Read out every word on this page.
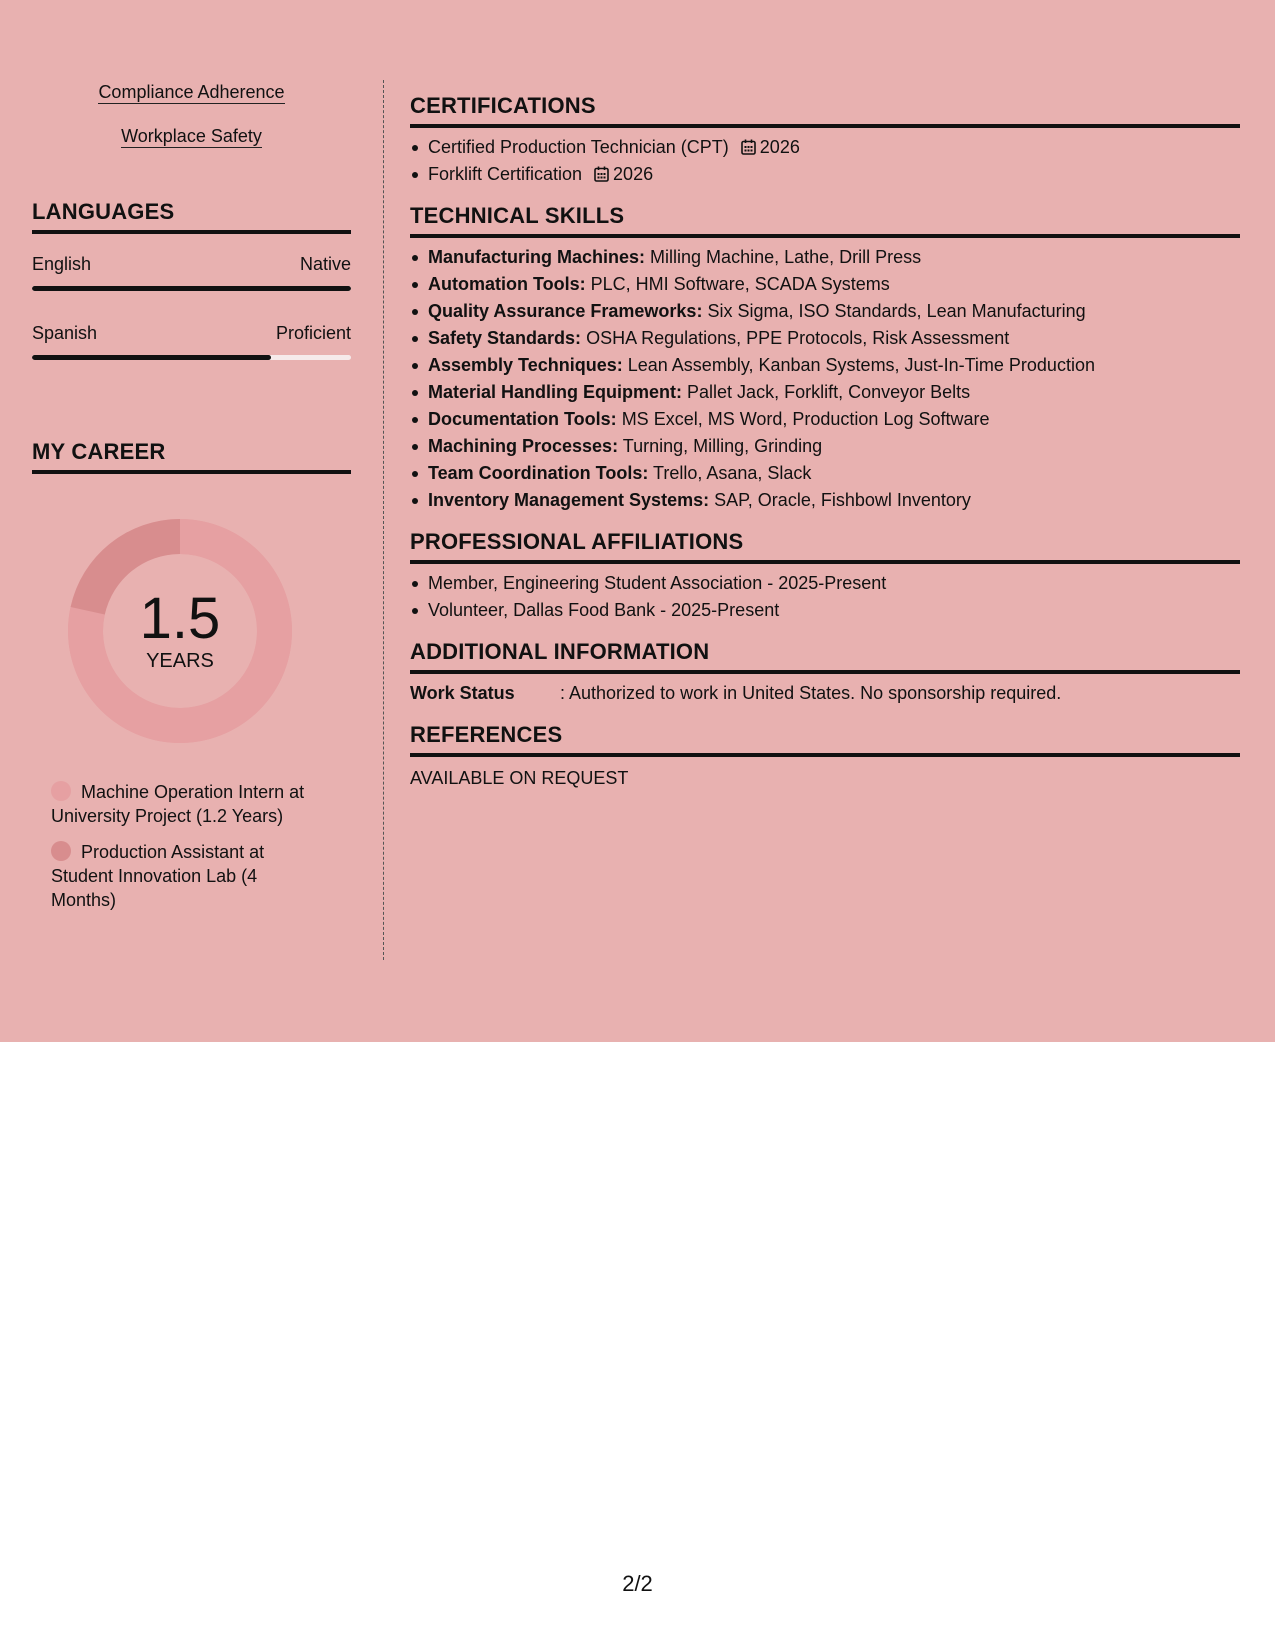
Compliance Adherence
Workplace Safety
LANGUAGES
English	Native
Spanish	Proficient
MY CAREER
1.5
YEARS
Machine Operation Intern at University Project (1.2 Years)
Production Assistant at Student Innovation Lab (4 Months)
CERTIFICATIONS
Certified Production Technician (CPT) 2026
Forklift Certification 2026
TECHNICAL SKILLS
Manufacturing Machines: Milling Machine, Lathe, Drill Press
Automation Tools: PLC, HMI Software, SCADA Systems
Quality Assurance Frameworks: Six Sigma, ISO Standards, Lean Manufacturing
Safety Standards: OSHA Regulations, PPE Protocols, Risk Assessment
Assembly Techniques: Lean Assembly, Kanban Systems, Just-In-Time Production
Material Handling Equipment: Pallet Jack, Forklift, Conveyor Belts
Documentation Tools: MS Excel, MS Word, Production Log Software
Machining Processes: Turning, Milling, Grinding
Team Coordination Tools: Trello, Asana, Slack
Inventory Management Systems: SAP, Oracle, Fishbowl Inventory
PROFESSIONAL AFFILIATIONS
Member, Engineering Student Association - 2025-Present
Volunteer, Dallas Food Bank - 2025-Present
ADDITIONAL INFORMATION
Work Status	: Authorized to work in United States. No sponsorship required.
REFERENCES
AVAILABLE ON REQUEST
2/2
